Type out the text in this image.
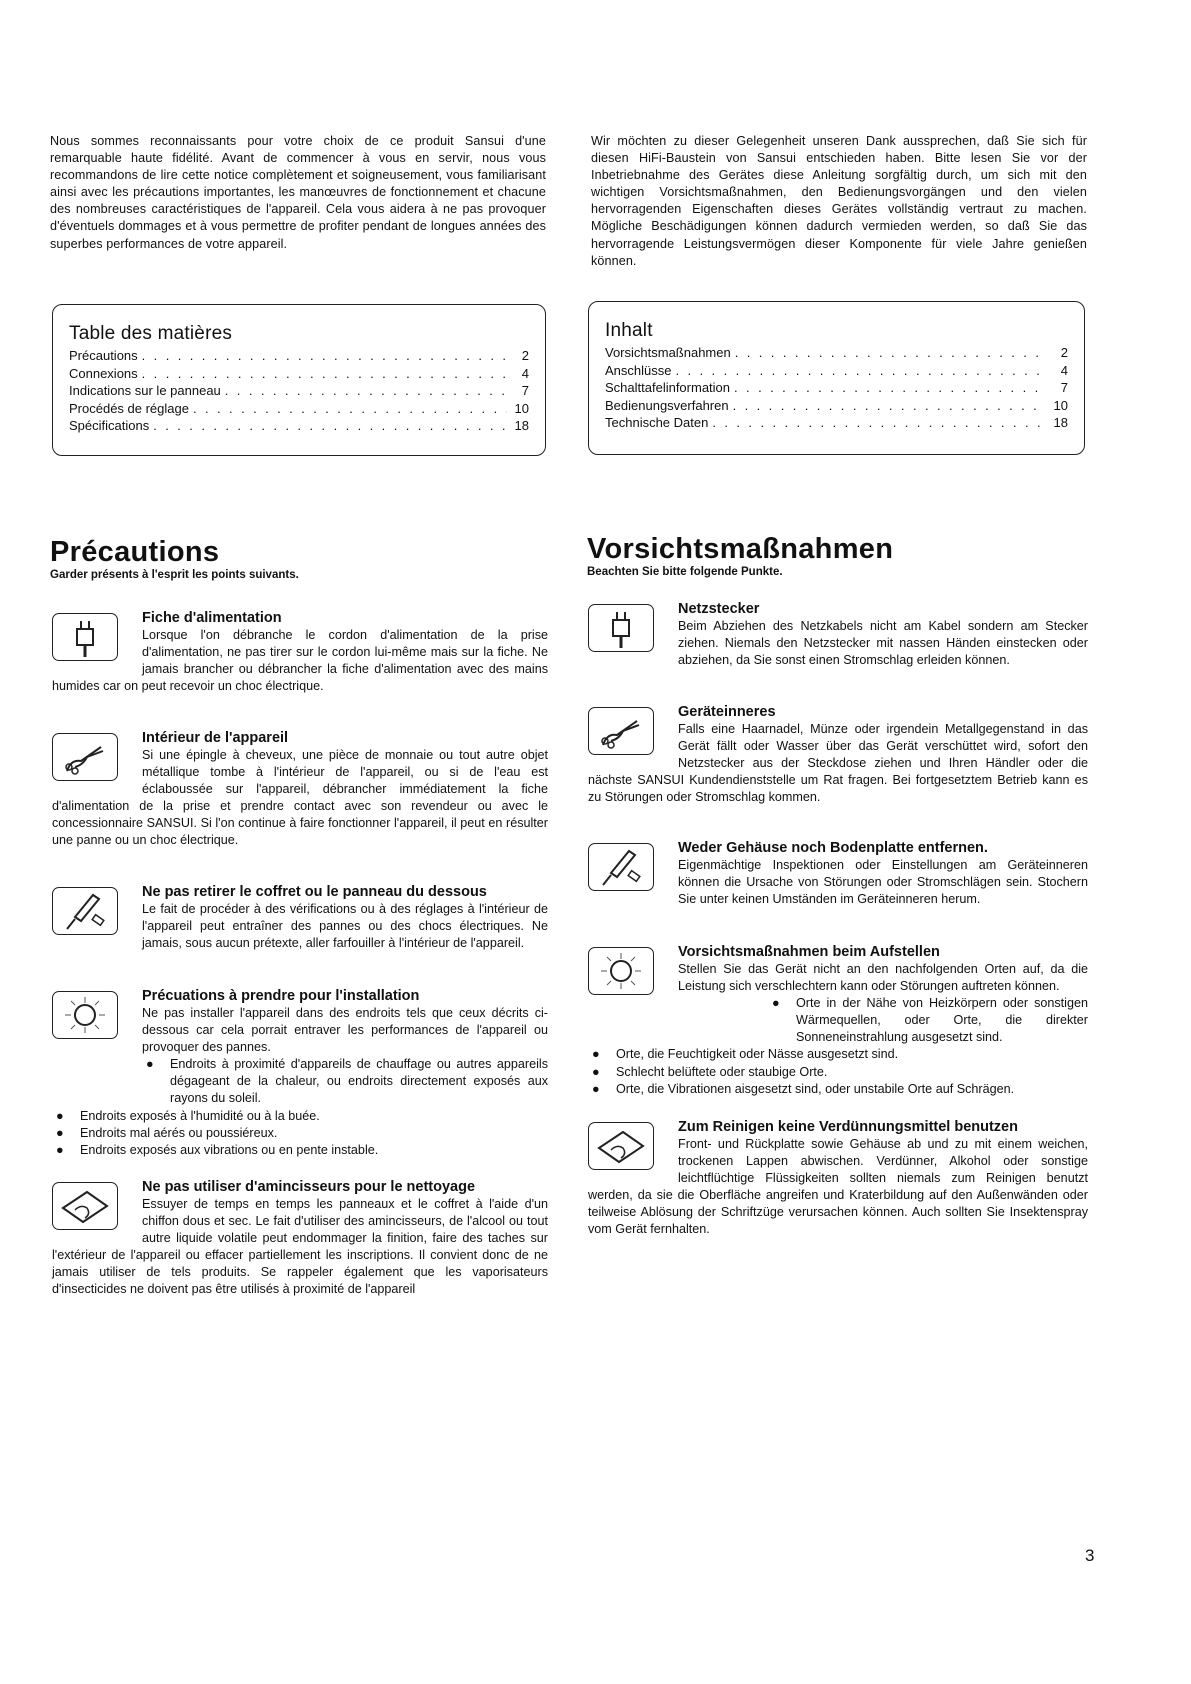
Nous sommes reconnaissants pour votre choix de ce produit Sansui d'une remarquable haute fidélité. Avant de commencer à vous en servir, nous vous recommandons de lire cette notice complètement et soigneusement, vous familiarisant ainsi avec les précautions importantes, les manœuvres de fonctionnement et chacune des nombreuses caractéristiques de l'appareil. Cela vous aidera à ne pas provoquer d'éventuels dommages et à vous permettre de profiter pendant de longues années des superbes performances de votre appareil.

Table des matières
Précautions . . .	2
Connexions . . .	4
Indications sur le panneau . . .	7
Procédés de réglage . . .	10
Spécifications . . .	18
Précautions

Garder présents à l'esprit les points suivants.

Fiche d'alimentation
Lorsque l'on débranche le cordon d'alimentation de la prise d'alimentation, ne pas tirer sur le cordon lui-même mais sur la fiche. Ne jamais brancher ou débrancher la fiche d'alimentation avec des mains humides car on peut recevoir un choc électrique.
Intérieur de l'appareil
Si une épingle à cheveux, une pièce de monnaie ou tout autre objet métallique tombe à l'intérieur de l'appareil, ou si de l'eau est éclaboussée sur l'appareil, débrancher immédiatement la fiche d'alimentation de la prise et prendre contact avec son revendeur ou avec le concessionnaire SANSUI. Si l'on continue à faire fonctionner l'appareil, il peut en résulter une panne ou un choc électrique.
Ne pas retirer le coffret ou le panneau du dessous
Le fait de procéder à des vérifications ou à des réglages à l'intérieur de l'appareil peut entraîner des pannes ou des chocs électriques. Ne jamais, sous aucun prétexte, aller farfouiller à l'intérieur de l'appareil.
Précuations à prendre pour l'installation
Ne pas installer l'appareil dans des endroits tels que ceux décrits ci-dessous car cela porrait entraver les performances de l'appareil ou provoquer des pannes.
●	Endroits à proximité d'appareils de chauffage ou autres appareils dégageant de la chaleur, ou endroits directement exposés aux rayons du soleil.
●	Endroits exposés à l'humidité ou à la buée.
●	Endroits mal aérés ou poussiéreux.
●	Endroits exposés aux vibrations ou en pente instable.
Ne pas utiliser d'amincisseurs pour le nettoyage
Essuyer de temps en temps les panneaux et le coffret à l'aide d'un chiffon dous et sec. Le fait d'utiliser des amincisseurs, de l'alcool ou tout autre liquide volatile peut endommager la finition, faire des taches sur l'extérieur de l'appareil ou effacer partiellement les inscriptions. Il convient donc de ne jamais utiliser de tels produits. Se rappeler également que les vaporisateurs d'insecticides ne doivent pas être utilisés à proximité de l'appareil

Wir möchten zu dieser Gelegenheit unseren Dank aussprechen, daß Sie sich für diesen HiFi-Baustein von Sansui entschieden haben. Bitte lesen Sie vor der Inbetriebnahme des Gerätes diese Anleitung sorgfältig durch, um sich mit den wichtigen Vorsichtsmaßnahmen, den Bedienungsvorgängen und den vielen hervorragenden Eigenschaften dieses Gerätes vollständig vertraut zu machen. Mögliche Beschädigungen können dadurch vermieden werden, so daß Sie das hervorragende Leistungsvermögen dieser Komponente für viele Jahre genießen können.

Inhalt
Vorsichtsmaßnahmen . . .	2
Anschlüsse . . .	4
Schalttafelinformation . . .	7
Bedienungsverfahren . . .	10
Technische Daten . . .	18
Vorsichtsmaßnahmen

Beachten Sie bitte folgende Punkte.

Netzstecker
Beim Abziehen des Netzkabels nicht am Kabel sondern am Stecker ziehen. Niemals den Netzstecker mit nassen Händen einstecken oder abziehen, da Sie sonst einen Stromschlag erleiden können.
Geräteinneres
Falls eine Haarnadel, Münze oder irgendein Metallgegenstand in das Gerät fällt oder Wasser über das Gerät verschüttet wird, sofort den Netzstecker aus der Steckdose ziehen und Ihren Händler oder die nächste SANSUI Kundendienststelle um Rat fragen. Bei fortgesetztem Betrieb kann es zu Störungen oder Stromschlag kommen.
Weder Gehäuse noch Bodenplatte entfernen.
Eigenmächtige Inspektionen oder Einstellungen am Geräteinneren können die Ursache von Störungen oder Stromschlägen sein. Stochern Sie unter keinen Umständen im Geräteinneren herum.
Vorsichtsmaßnahmen beim Aufstellen
Stellen Sie das Gerät nicht an den nachfolgenden Orten auf, da die Leistung sich verschlechtern kann oder Störungen auftreten können.
●	Orte in der Nähe von Heizkörpern oder sonstigen Wärmequellen, oder Orte, die direkter Sonneneinstrahlung ausgesetzt sind.
●	Orte, die Feuchtigkeit oder Nässe ausgesetzt sind.
●	Schlecht belüftete oder staubige Orte.
●	Orte, die Vibrationen aisgesetzt sind, oder unstabile Orte auf Schrägen.
Zum Reinigen keine Verdünnungsmittel benutzen
Front- und Rückplatte sowie Gehäuse ab und zu mit einem weichen, trockenen Lappen abwischen. Verdünner, Alkohol oder sonstige leichtflüchtige Flüssigkeiten sollten niemals zum Reinigen benutzt werden, da sie die Oberfläche angreifen und Kraterbildung auf den Außenwänden oder teilweise Ablösung der Schriftzüge verursachen können. Auch sollten Sie Insektenspray vom Gerät fernhalten.
3
